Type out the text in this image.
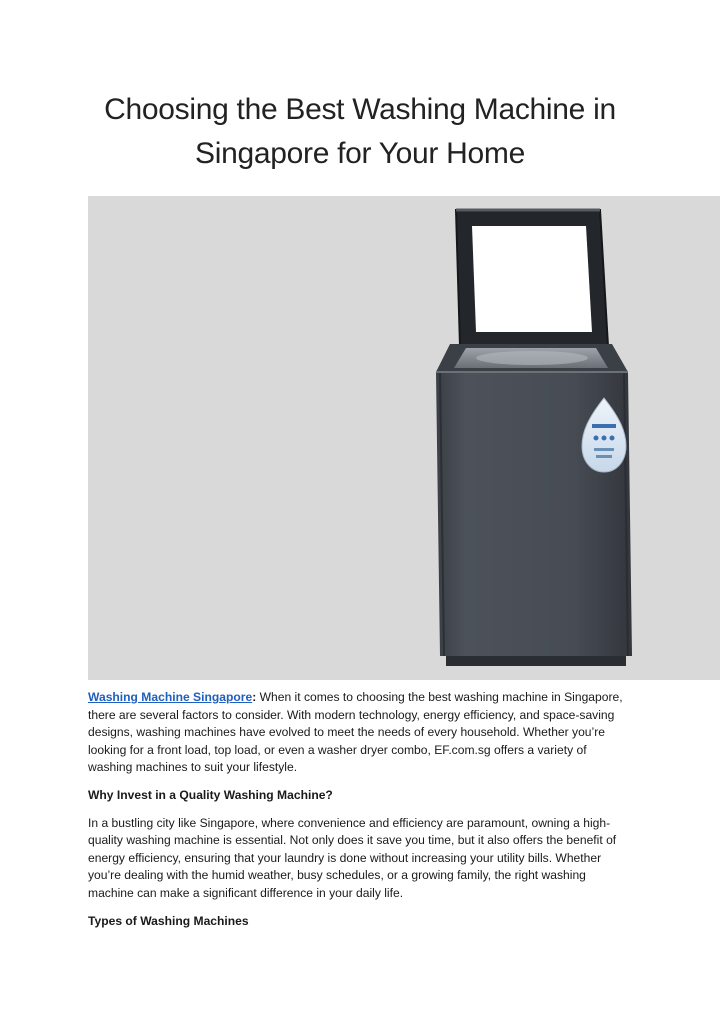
Choosing the Best Washing Machine in Singapore for Your Home

Washing Machine Singapore: When it comes to choosing the best washing machine in Singapore, there are several factors to consider. With modern technology, energy efficiency, and space-saving designs, washing machines have evolved to meet the needs of every household. Whether you’re looking for a front load, top load, or even a washer dryer combo, EF.com.sg offers a variety of washing machines to suit your lifestyle.

Why Invest in a Quality Washing Machine?

In a bustling city like Singapore, where convenience and efficiency are paramount, owning a high-quality washing machine is essential. Not only does it save you time, but it also offers the benefit of energy efficiency, ensuring that your laundry is done without increasing your utility bills. Whether you’re dealing with the humid weather, busy schedules, or a growing family, the right washing machine can make a significant difference in your daily life.

Types of Washing Machines
